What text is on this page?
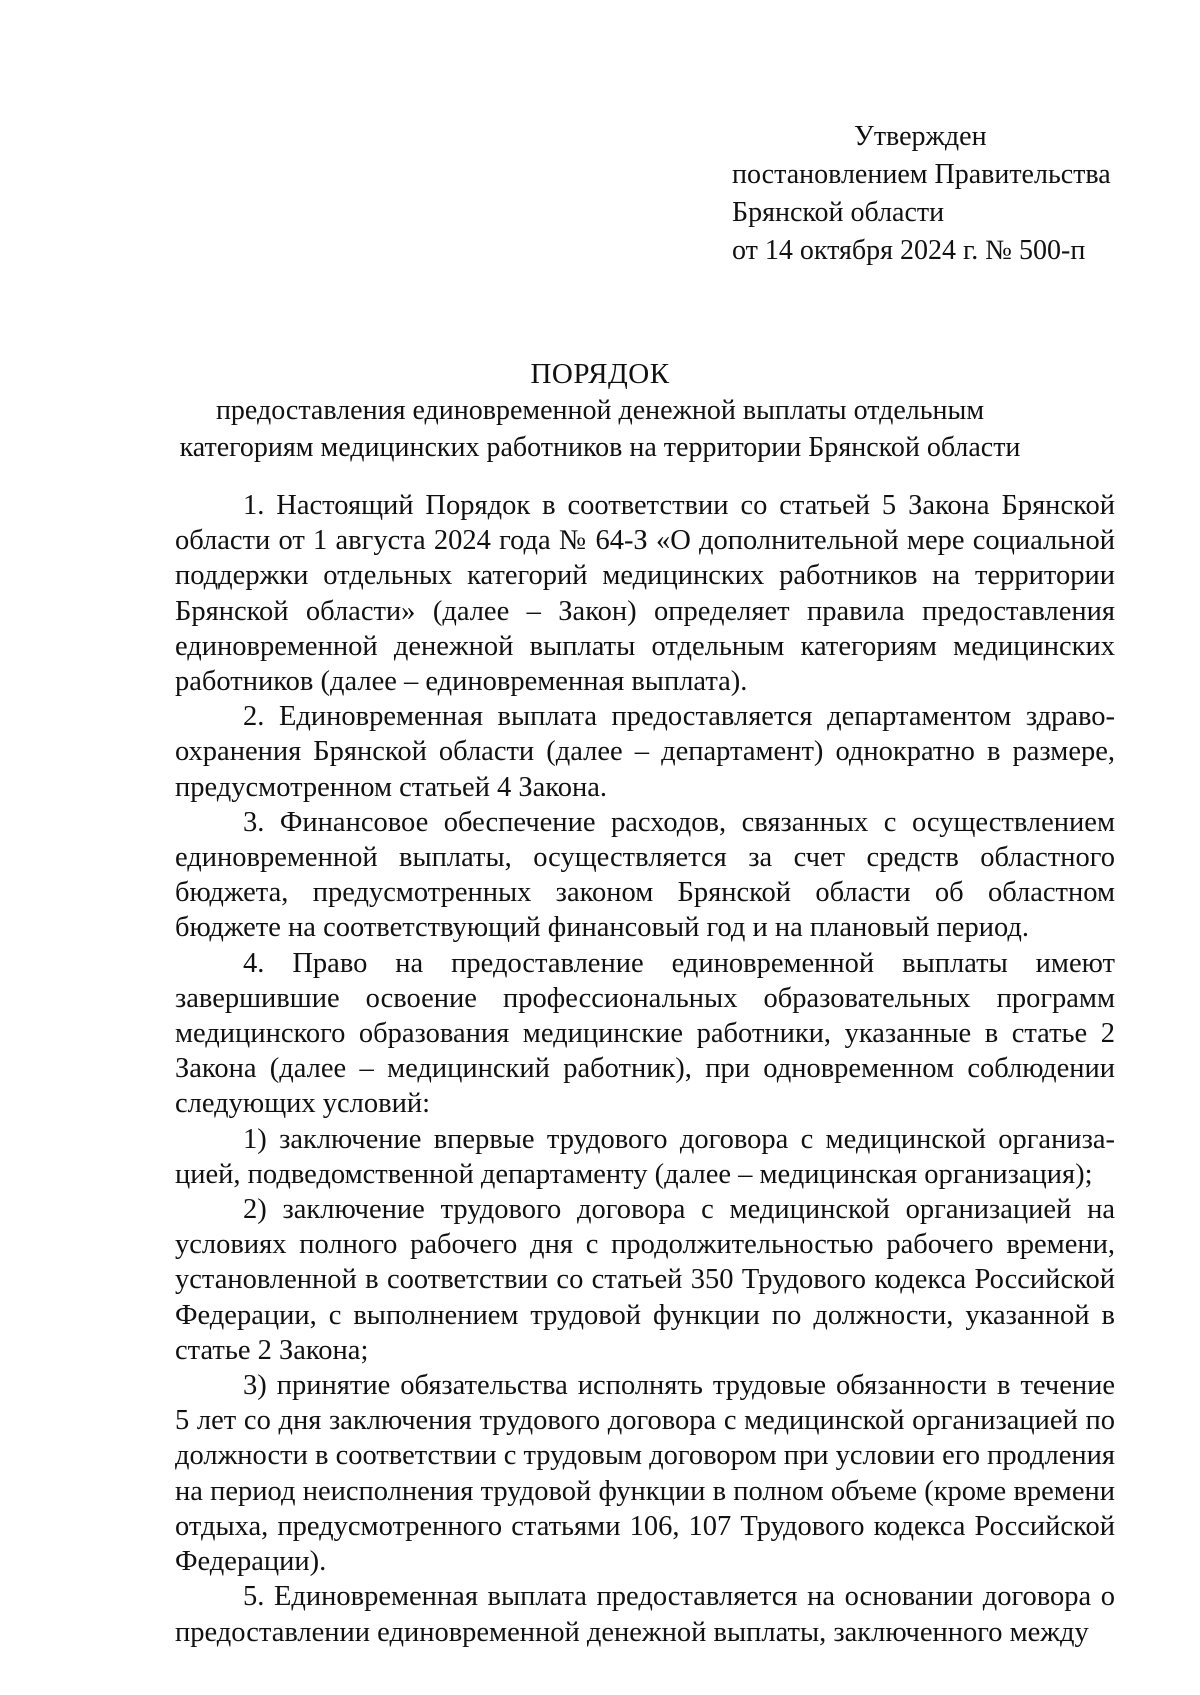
Утвержден
постановлением Правительства
Брянской области
от 14 октября 2024 г. № 500-п
ПОРЯДОК
предоставления единовременной денежной выплаты отдельным категориям медицинских работников на территории Брянской области

1. Настоящий Порядок в соответствии со статьей 5 Закона Брянской области от 1 августа 2024 года № 64-З «О дополнительной мере социальной поддержки отдельных категорий медицинских работников на территории Брянской области» (далее – Закон) определяет правила предоставления единовременной денежной выплаты отдельным категориям медицинских работников (далее – единовременная выплата).

2. Единовременная выплата предоставляется департаментом здравоохранения Брянской области (далее – департамент) однократно в размере, предусмотренном статьей 4 Закона.

3. Финансовое обеспечение расходов, связанных с осуществлением единовременной выплаты, осуществляется за счет средств областного бюджета, предусмотренных законом Брянской области об областном бюджете на соответствующий финансовый год и на плановый период.

4. Право на предоставление единовременной выплаты имеют завершившие освоение профессиональных образовательных программ медицинского образования медицинские работники, указанные в статье 2 Закона (далее – медицинский работник), при одновременном соблюдении следующих условий:

1) заключение впервые трудового договора с медицинской организацией, подведомственной департаменту (далее – медицинская организация);

2) заключение трудового договора с медицинской организацией на условиях полного рабочего дня с продолжительностью рабочего времени, установленной в соответствии со статьей 350 Трудового кодекса Российской Федерации, с выполнением трудовой функции по должности, указанной в статье 2 Закона;

3) принятие обязательства исполнять трудовые обязанности в течение 5 лет со дня заключения трудового договора с медицинской организацией по должности в соответствии с трудовым договором при условии его продления на период неисполнения трудовой функции в полном объеме (кроме времени отдыха, предусмотренного статьями 106, 107 Трудового кодекса Российской Федерации).

5. Единовременная выплата предоставляется на основании договора о предоставлении единовременной денежной выплаты, заключенного между
